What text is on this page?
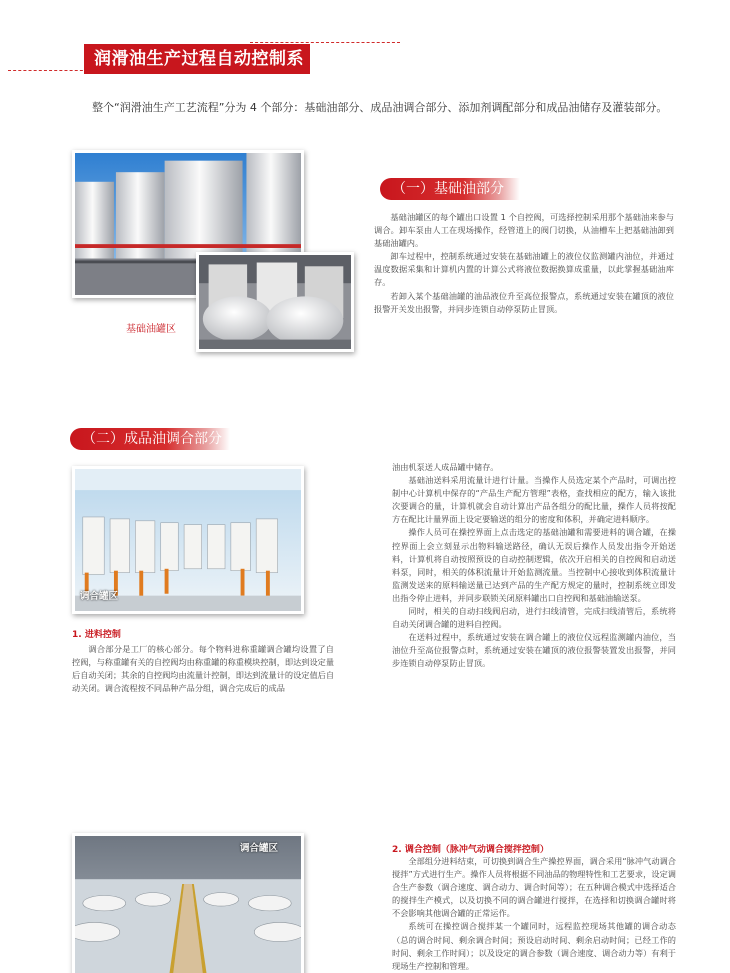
润滑油生产过程自动控制系统
整个“润滑油生产工艺流程”分为 4 个部分：基础油部分、成品油调合部分、添加剂调配部分和成品油储存及灌装部分。
基础油罐区
（一）基础油部分

基础油罐区的每个罐出口设置 1 个自控阀，可选择控制采用那个基础油来参与调合。卸车泵由人工在现场操作，经管道上的阀门切换，从油槽车上把基础油卸到基础油罐内。

卸车过程中，控制系统通过安装在基础油罐上的液位仪监测罐内油位，并通过温度数据采集和计算机内置的计算公式将液位数据换算成重量，以此掌握基础油库存。

若卸入某个基础油罐的油品液位升至高位报警点，系统通过安装在罐顶的液位报警开关发出报警，并同步连锁自动停泵防止冒顶。

（二）成品油调合部分
调合罐区
1. 进料控制

调合部分是工厂的核心部分。每个物料进称重罐调合罐均设置了自控阀，与称重罐有关的自控阀均由称重罐的称重模块控制，即达到设定量后自动关闭；其余的自控阀均由流量计控制，即达到流量计的设定值后自动关闭。调合流程按不同品种产品分组，调合完成后的成品

油由机泵送人成品罐中储存。

基础油送料采用流量计进行计量。当操作人员选定某个产品时，可调出控制中心计算机中保存的“产品生产配方管理”表格，查找相应的配方，输入该批次要调合的量，计算机就会自动计算出产品各组分的配比量，操作人员将按配方在配比计量界面上设定要输送的组分的密度和体积，并确定进料顺序。

操作人员可在操控界面上点击选定的基础油罐和需要进料的调合罐，在操控界面上会立刻显示出物料输送路径，确认无误后操作人员发出指令开始送料，计算机将自动按照预设的自动控制逻辑，依次开启相关的自控阀和启动送料泵，同时，相关的体积流量计开始监测流量。当控制中心接收到体积流量计监测发送来的原料输送量已达到产品的生产配方规定的量时，控制系统立即发出指令停止进料，并同步联锁关闭原料罐出口自控阀和基础油输送泵。

同时，相关的自动扫线阀启动，进行扫线清管，完成扫线清管后，系统将自动关闭调合罐的进料自控阀。

在送料过程中，系统通过安装在调合罐上的液位仪远程监测罐内油位，当油位升至高位报警点时，系统通过安装在罐顶的液位报警装置发出报警，并同步连锁自动停泵防止冒顶。

调合罐区	2. 调合控制（脉冲气动调合搅拌控制）

全部组分进料结束，可切换到调合生产操控界面，调合采用“脉冲气动调合搅拌”方式进行生产。操作人员将根据不同油品的物理特性和工艺要求，设定调合生产参数（调合速度、调合动力、调合时间等）；在五种调合模式中选择适合的搅拌生产模式，以及切换不同的调合罐进行搅拌，在选择和切换调合罐时将不会影响其他调合罐的正常运作。

系统可在操控调合搅拌某一个罐同时，远程监控现场其他罐的调合动态（总的调合时间、剩余调合时间；预设启动时间、剩余启动时间；已经工作的时间、剩余工作时间）；以及设定的调合参数（调合速度、调合动力等）有利于现场生产控制和管理。
